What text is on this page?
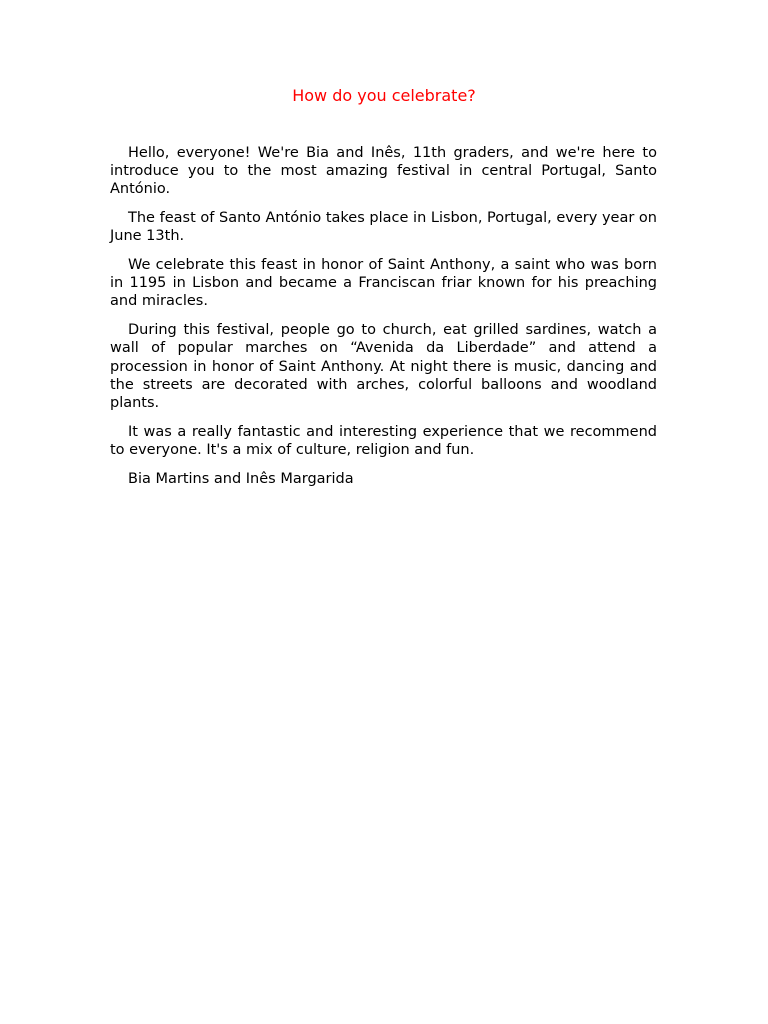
How do you celebrate?

Hello, everyone! We're Bia and Inês, 11th graders, and we're here to introduce you to the most amazing festival in central Portugal, Santo António.

The feast of Santo António takes place in Lisbon, Portugal, every year on June 13th.

We celebrate this feast in honor of Saint Anthony, a saint who was born in 1195 in Lisbon and became a Franciscan friar known for his preaching and miracles.

During this festival, people go to church, eat grilled sardines, watch a wall of popular marches on “Avenida da Liberdade” and attend a procession in honor of Saint Anthony. At night there is music, dancing and the streets are decorated with arches, colorful balloons and woodland plants.

It was a really fantastic and interesting experience that we recommend to everyone. It's a mix of culture, religion and fun.

Bia Martins and Inês Margarida
